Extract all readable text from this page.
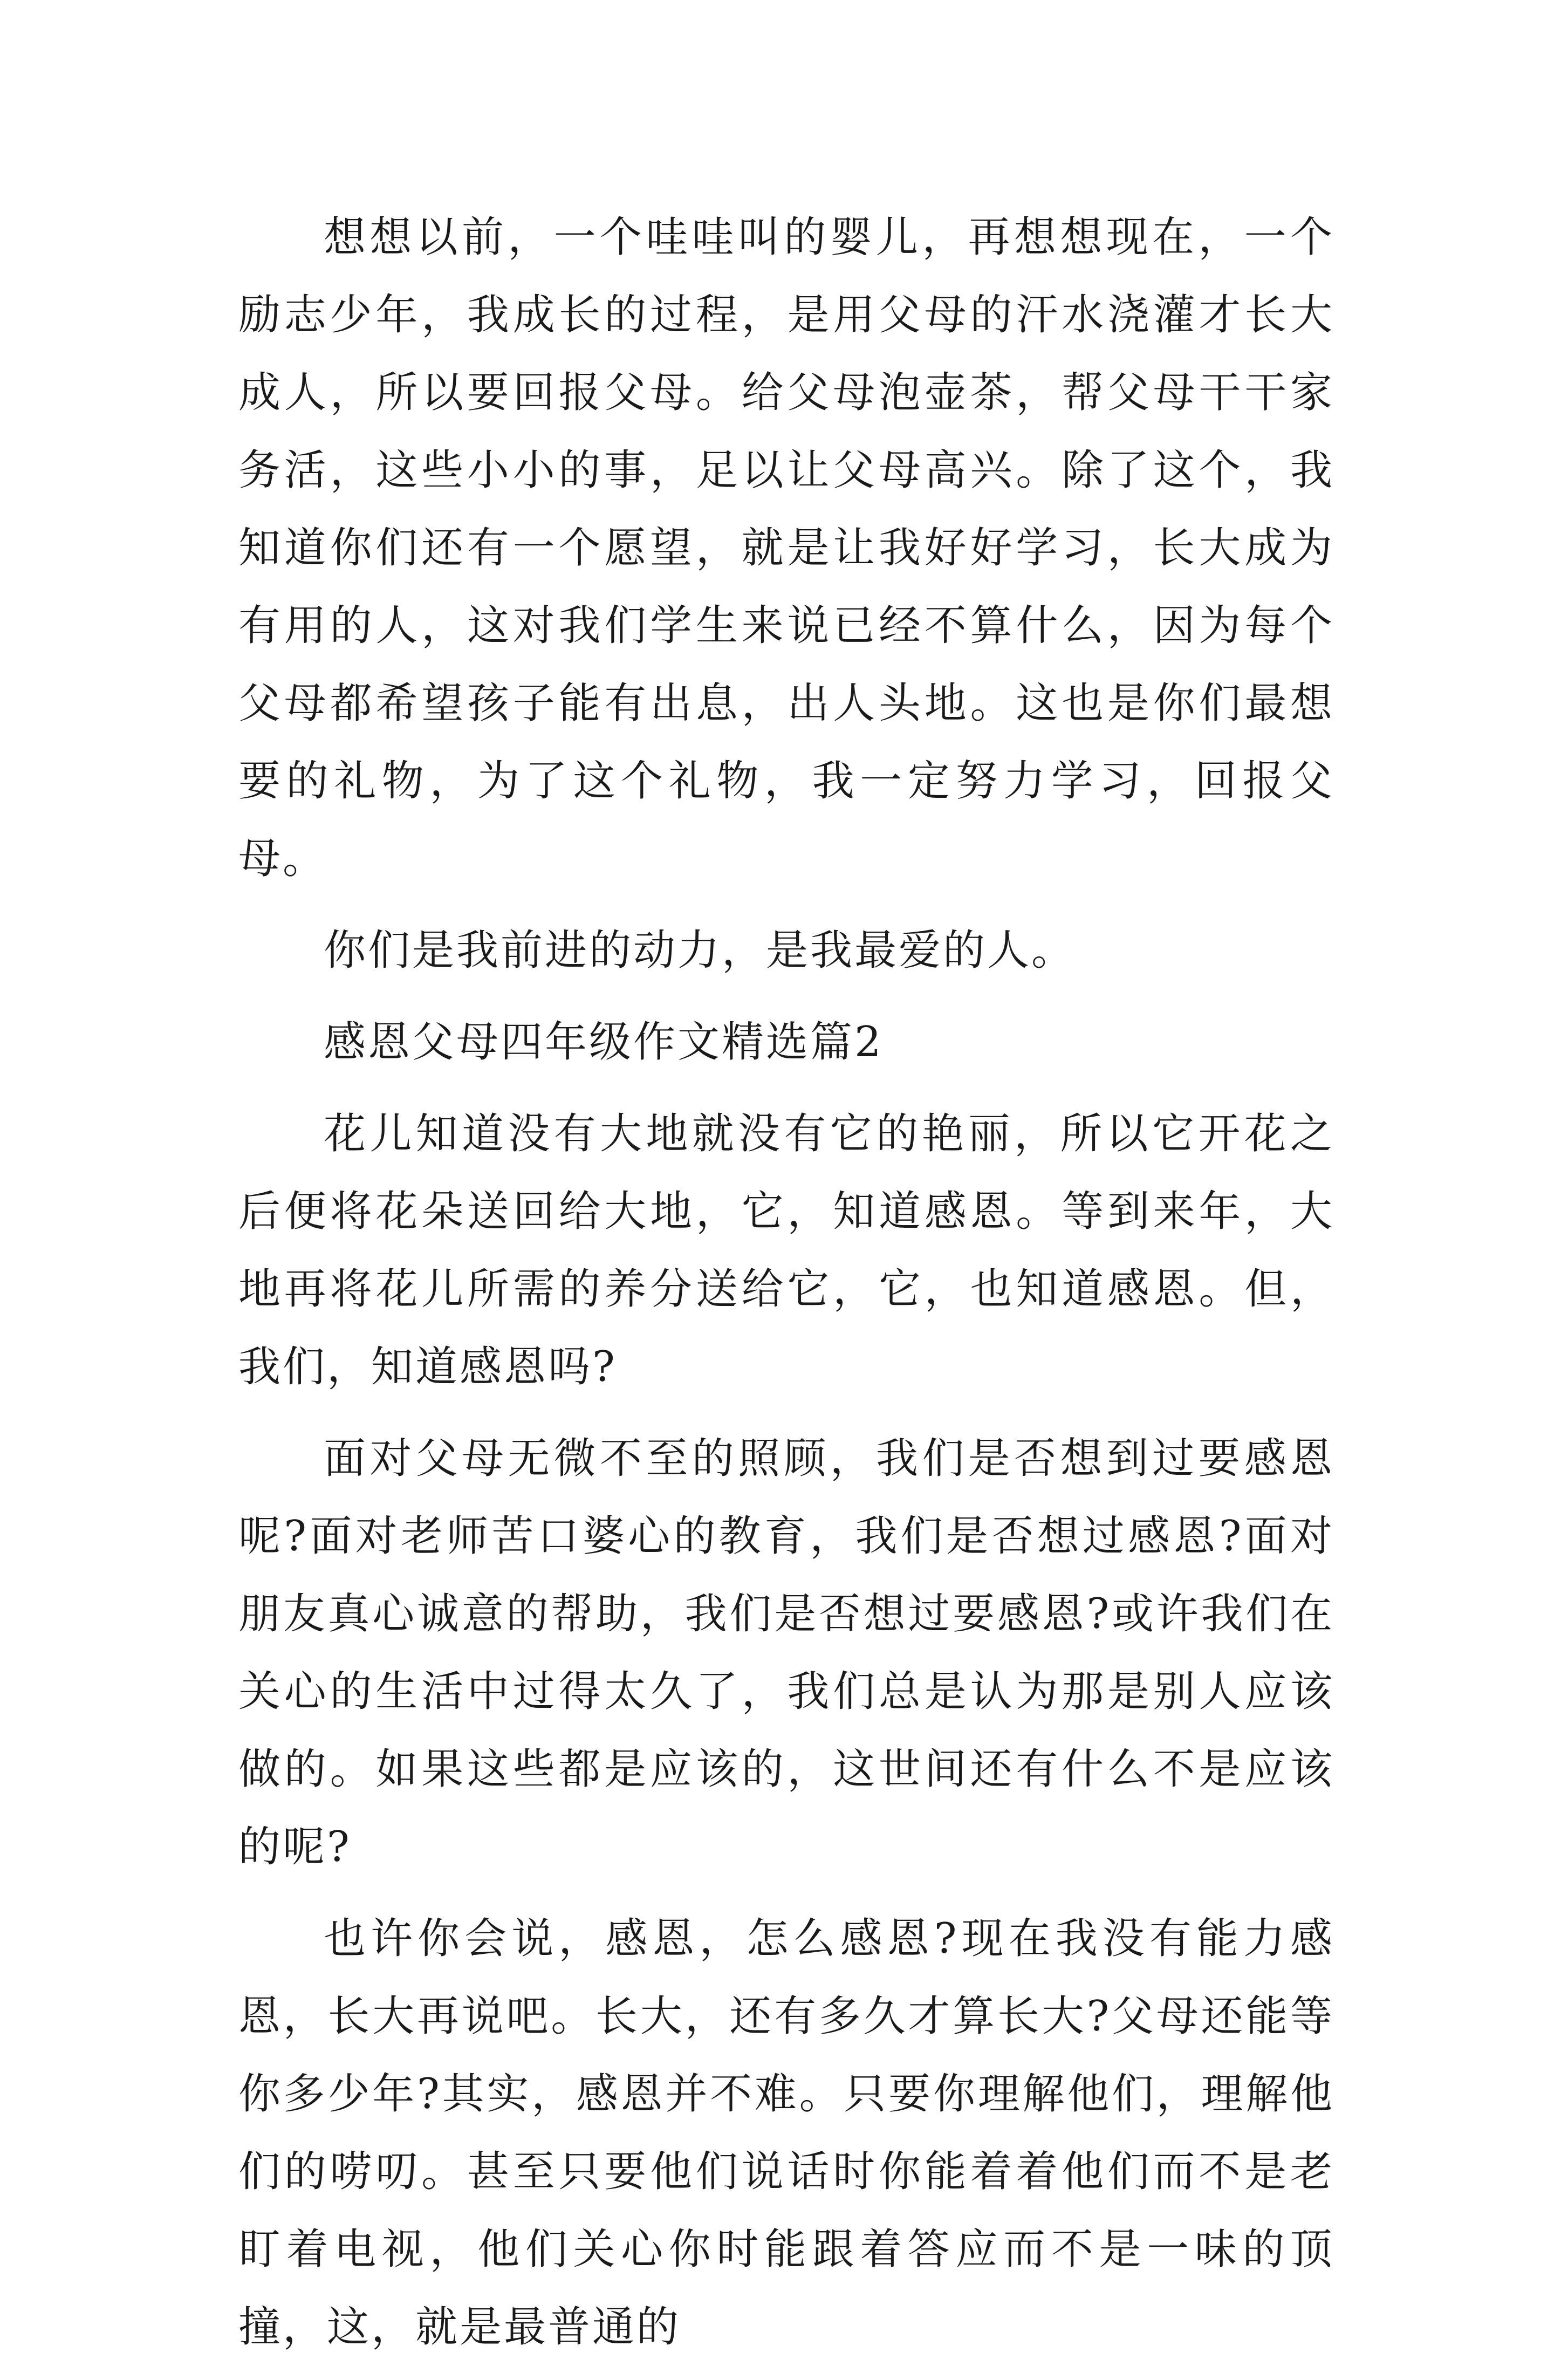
想想以前，一个哇哇叫的婴儿，再想想现在，一个励志少年，我成长的过程，是用父母的汗水浇灌才长大成人，所以要回报父母。给父母泡壶茶，帮父母干干家务活，这些小小的事，足以让父母高兴。除了这个，我知道你们还有一个愿望，就是让我好好学习，长大成为有用的人，这对我们学生来说已经不算什么，因为每个父母都希望孩子能有出息，出人头地。这也是你们最想要的礼物，为了这个礼物，我一定努力学习，回报父母。

你们是我前进的动力，是我最爱的人。

感恩父母四年级作文精选篇2

花儿知道没有大地就没有它的艳丽，所以它开花之后便将花朵送回给大地，它，知道感恩。等到来年，大地再将花儿所需的养分送给它，它，也知道感恩。但，我们，知道感恩吗?

面对父母无微不至的照顾，我们是否想到过要感恩呢?面对老师苦口婆心的教育，我们是否想过感恩?面对朋友真心诚意的帮助，我们是否想过要感恩?或许我们在关心的生活中过得太久了，我们总是认为那是别人应该做的。如果这些都是应该的，这世间还有什么不是应该的呢?

也许你会说，感恩，怎么感恩?现在我没有能力感恩，长大再说吧。长大，还有多久才算长大?父母还能等你多少年?其实，感恩并不难。只要你理解他们，理解他们的唠叨。甚至只要他们说话时你能着着他们而不是老盯着电视，他们关心你时能跟着答应而不是一味的顶撞，这，就是最普通的
